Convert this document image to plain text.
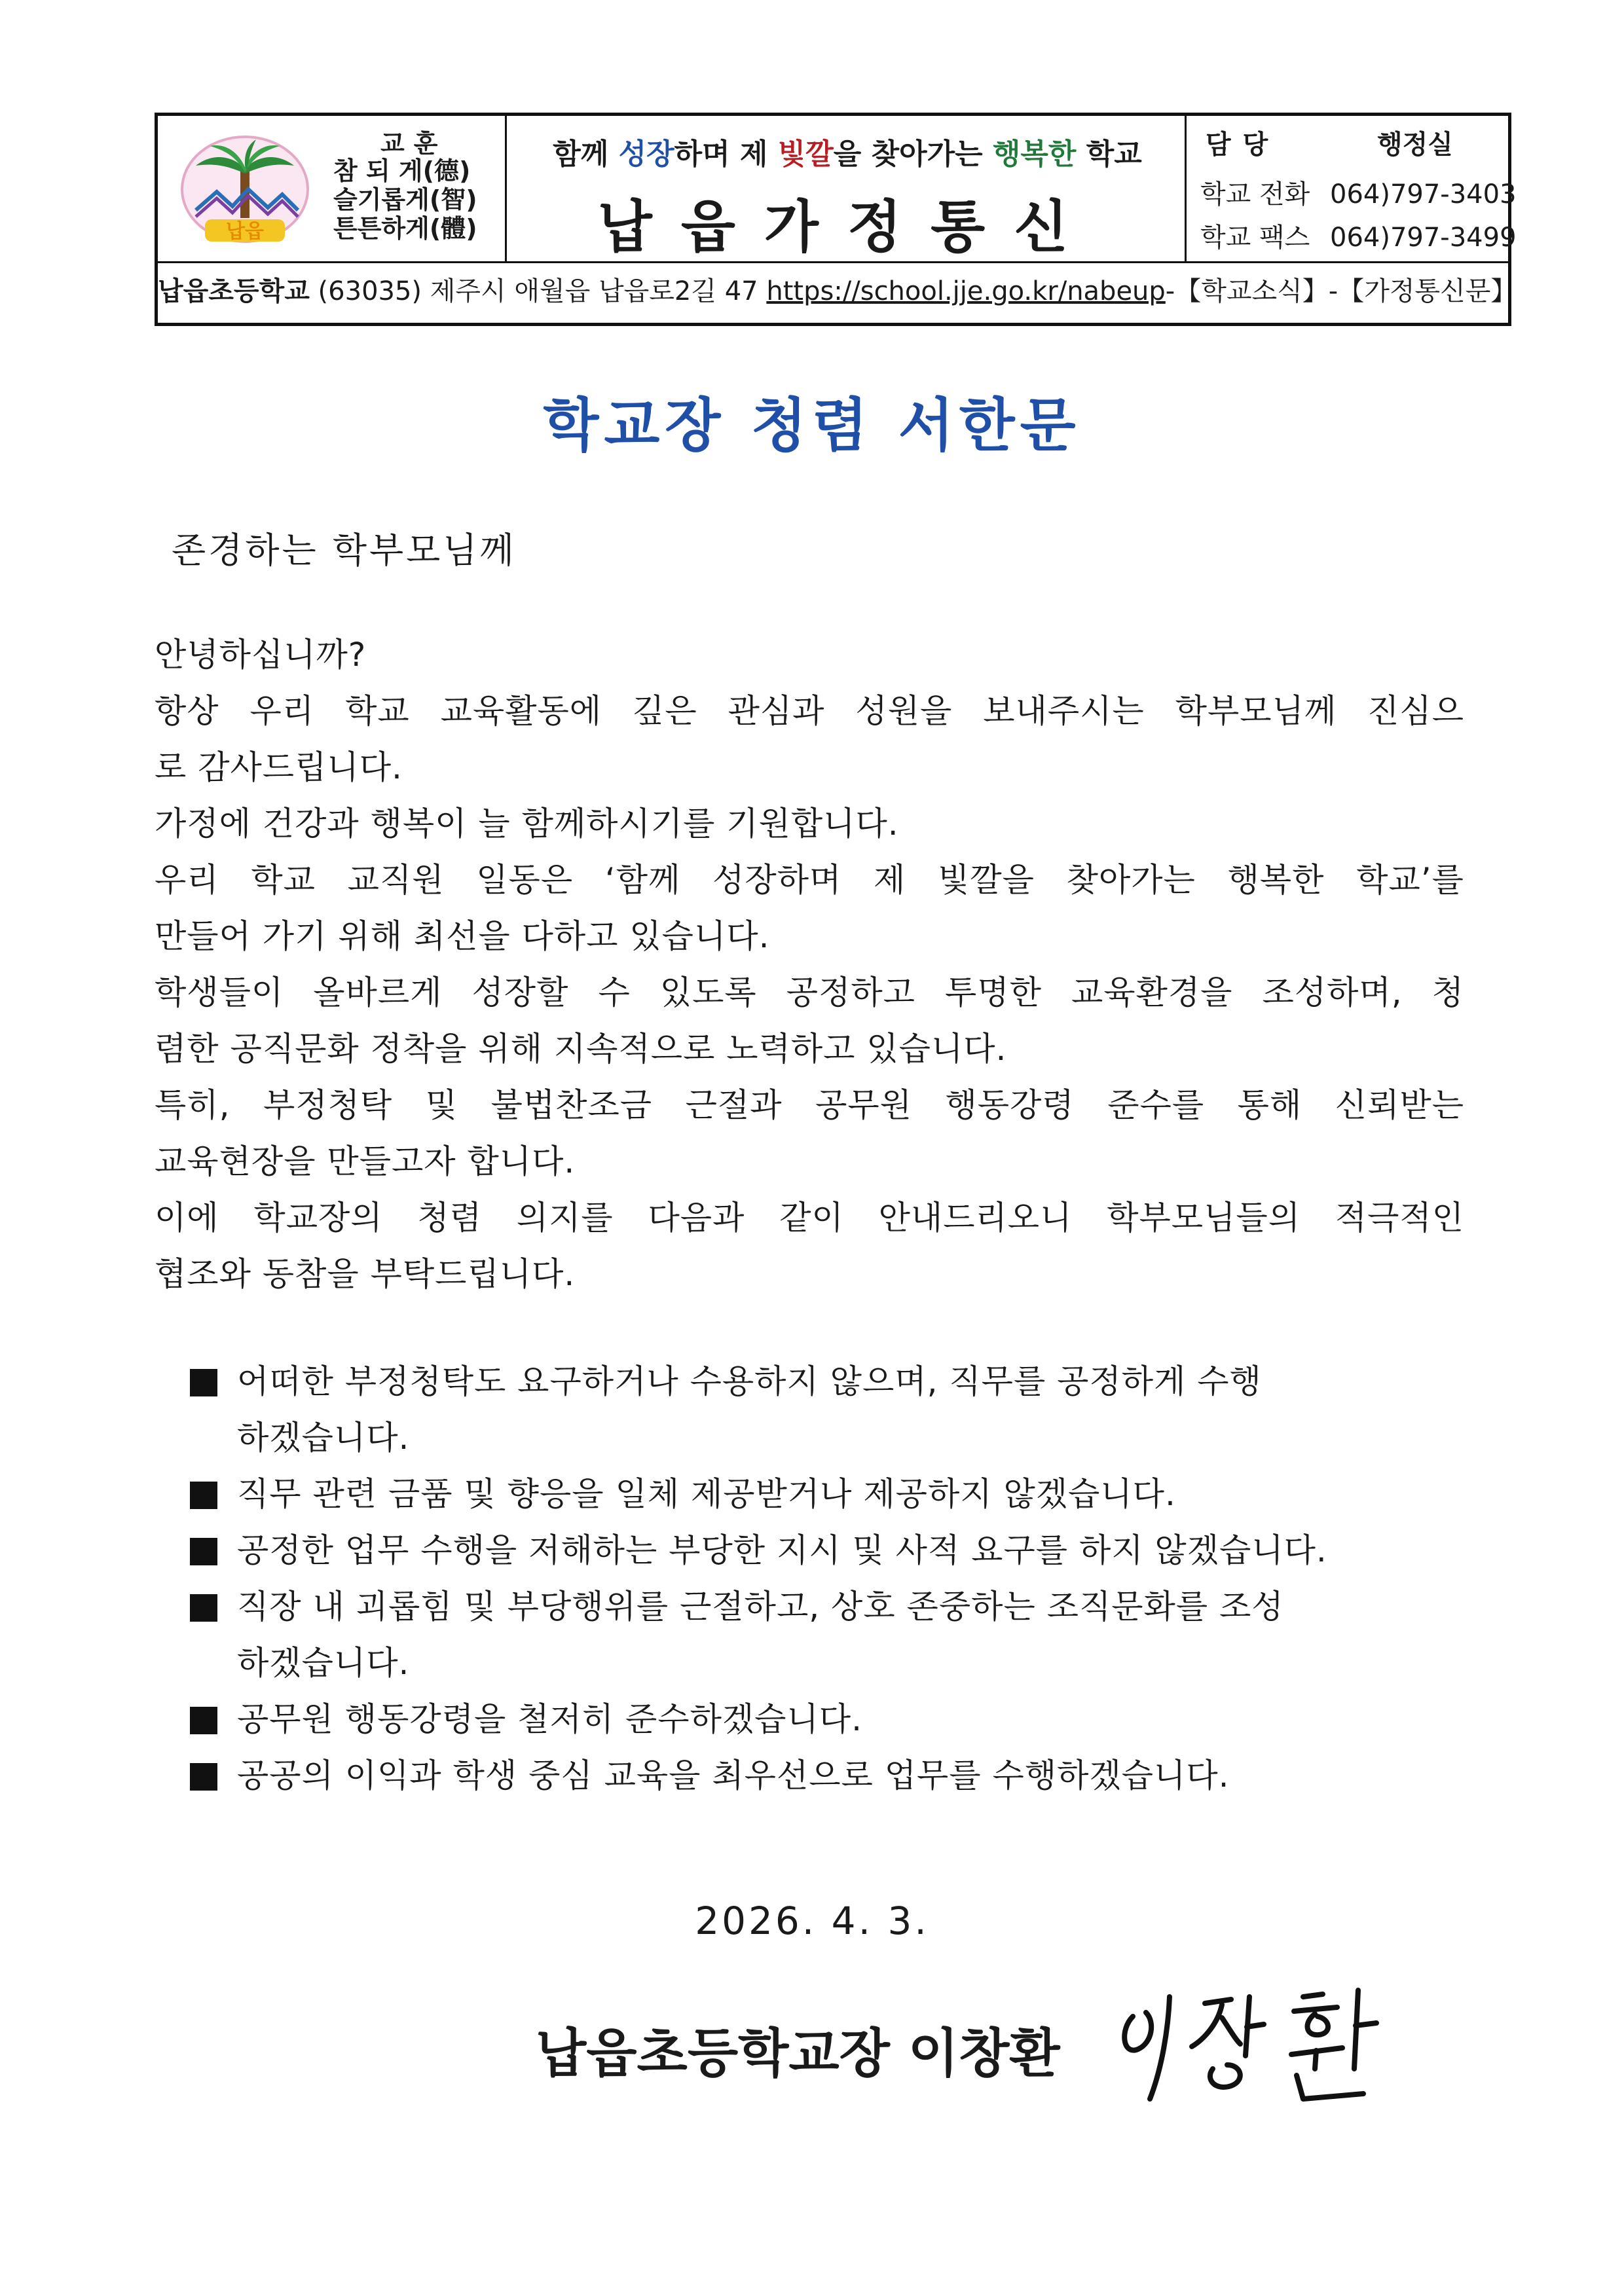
납읍
교훈
참 되 게(德)
슬기롭게(智)
튼튼하게(體)
함께 성장하며 제 빛깔을 찾아가는 행복한 학교
납읍가정통신
담당	행정실
학교 전화 064)797-3403
학교 팩스 064)797-3499
납읍초등학교 (63035) 제주시 애월읍 납읍로2길 47 https://school.jje.go.kr/nabeup-【학교소식】-【가정통신문】
학교장 청렴 서한문
존경하는 학부모님께
안녕하십니까?
항상 우리 학교 교육활동에 깊은 관심과 성원을 보내주시는 학부모님께 진심으
로 감사드립니다.
가정에 건강과 행복이 늘 함께하시기를 기원합니다.
우리 학교 교직원 일동은 ‘함께 성장하며 제 빛깔을 찾아가는 행복한 학교’를
만들어 가기 위해 최선을 다하고 있습니다.
학생들이 올바르게 성장할 수 있도록 공정하고 투명한 교육환경을 조성하며, 청
렴한 공직문화 정착을 위해 지속적으로 노력하고 있습니다.
특히, 부정청탁 및 불법찬조금 근절과 공무원 행동강령 준수를 통해 신뢰받는
교육현장을 만들고자 합니다.
이에 학교장의 청렴 의지를 다음과 같이 안내드리오니 학부모님들의 적극적인
협조와 동참을 부탁드립니다.
어떠한 부정청탁도 요구하거나 수용하지 않으며, 직무를 공정하게 수행
하겠습니다.
직무 관련 금품 및 향응을 일체 제공받거나 제공하지 않겠습니다.
공정한 업무 수행을 저해하는 부당한 지시 및 사적 요구를 하지 않겠습니다.
직장 내 괴롭힘 및 부당행위를 근절하고, 상호 존중하는 조직문화를 조성
하겠습니다.
공무원 행동강령을 철저히 준수하겠습니다.
공공의 이익과 학생 중심 교육을 최우선으로 업무를 수행하겠습니다.
2026. 4. 3.
납읍초등학교장 이창환
